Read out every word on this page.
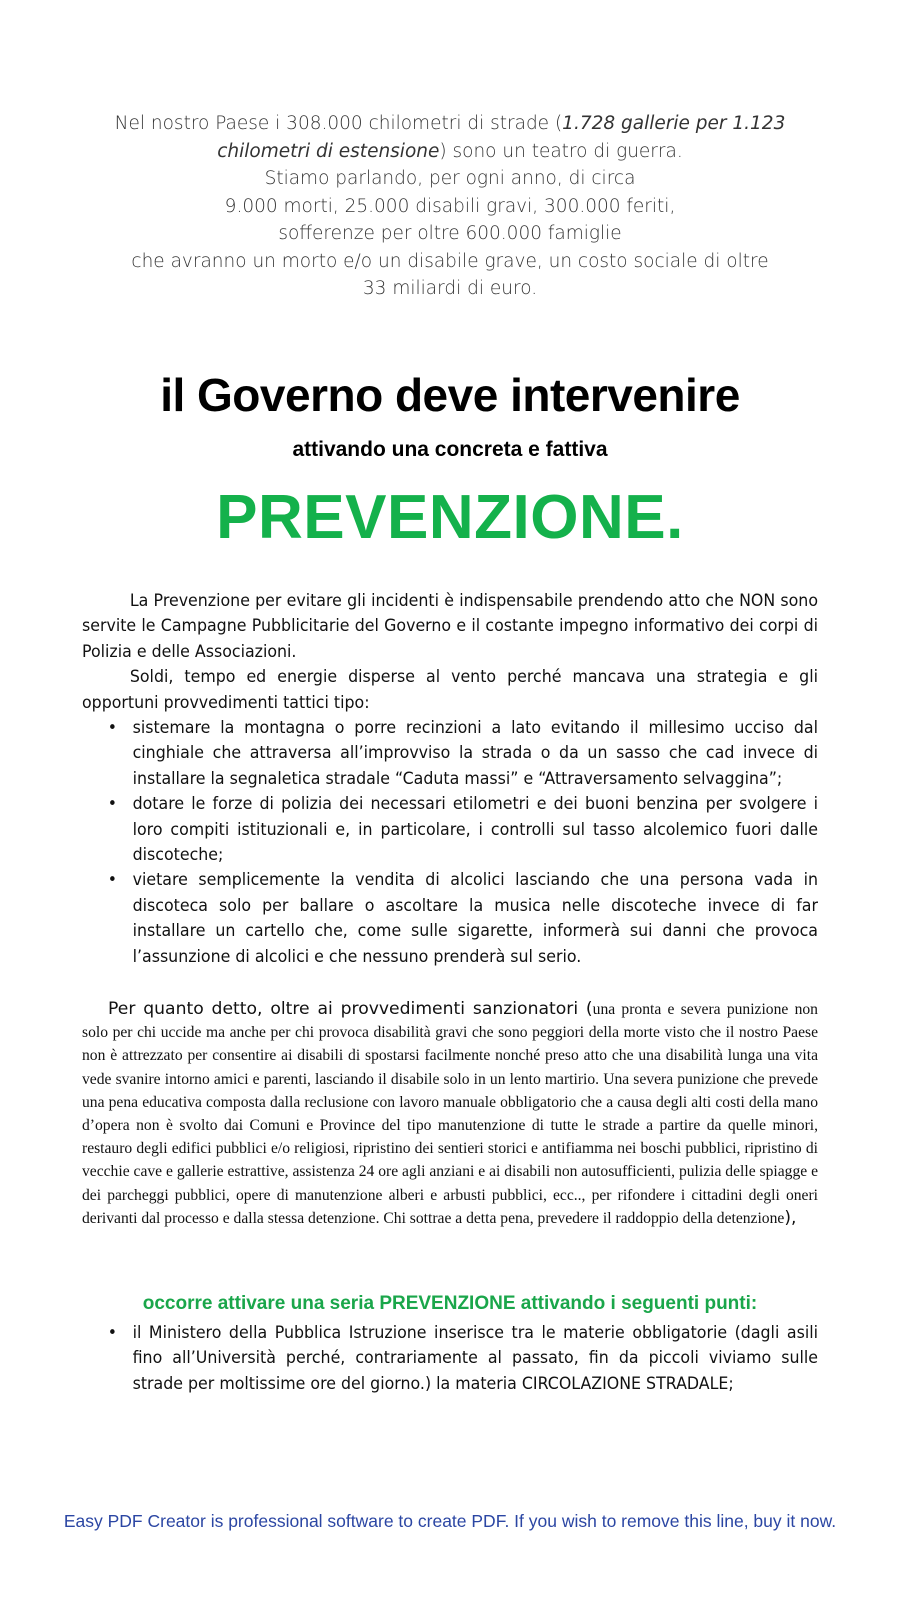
Nel nostro Paese i 308.000 chilometri di strade (1.728 gallerie per 1.123
chilometri di estensione) sono un teatro di guerra.
Stiamo parlando, per ogni anno, di circa
9.000 morti, 25.000 disabili gravi, 300.000 feriti,
sofferenze per oltre 600.000 famiglie
che avranno un morto e/o un disabile grave, un costo sociale di oltre
33 miliardi di euro.
il Governo deve intervenire
attivando una concreta e fattiva
PREVENZIONE.

La Prevenzione per evitare gli incidenti è indispensabile prendendo atto che NON sono servite le Campagne Pubblicitarie del Governo e il costante impegno informativo dei corpi di Polizia e delle Associazioni.

Soldi, tempo ed energie disperse al vento perché mancava una strategia e gli opportuni provvedimenti tattici tipo:

• sistemare la montagna o porre recinzioni a lato evitando il millesimo ucciso dal cinghiale che attraversa all’improvviso la strada o da un sasso che cad invece di installare la segnaletica stradale “Caduta massi” e “Attraversamento selvaggina”;
• dotare le forze di polizia dei necessari etilometri e dei buoni benzina per svolgere i loro compiti istituzionali e, in particolare, i controlli sul tasso alcolemico fuori dalle discoteche;
• vietare semplicemente la vendita di alcolici lasciando che una persona vada in discoteca solo per ballare o ascoltare la musica nelle discoteche invece di far installare un cartello che, come sulle sigarette, informerà sui danni che provoca l’assunzione di alcolici e che nessuno prenderà sul serio.
Per quanto detto, oltre ai provvedimenti sanzionatori (una pronta e severa punizione non solo per chi uccide ma anche per chi provoca disabilità gravi che sono peggiori della morte visto che il nostro Paese non è attrezzato per consentire ai disabili di spostarsi facilmente nonché preso atto che una disabilità lunga una vita vede svanire intorno amici e parenti, lasciando il disabile solo in un lento martirio. Una severa punizione che prevede una pena educativa composta dalla reclusione con lavoro manuale obbligatorio che a causa degli alti costi della mano d’opera non è svolto dai Comuni e Province del tipo manutenzione di tutte le strade a partire da quelle minori, restauro degli edifici pubblici e/o religiosi, ripristino dei sentieri storici e antifiamma nei boschi pubblici, ripristino di vecchie cave e gallerie estrattive, assistenza 24 ore agli anziani e ai disabili non autosufficienti, pulizia delle spiagge e dei parcheggi pubblici, opere di manutenzione alberi e arbusti pubblici, ecc.., per rifondere i cittadini degli oneri derivanti dal processo e dalla stessa detenzione. Chi sottrae a detta pena, prevedere il raddoppio della detenzione),
occorre attivare una seria PREVENZIONE attivando i seguenti punti:
• il Ministero della Pubblica Istruzione inserisce tra le materie obbligatorie (dagli asili fino all’Università perché, contrariamente al passato, fin da piccoli viviamo sulle strade per moltissime ore del giorno.) la materia CIRCOLAZIONE STRADALE;
Easy PDF Creator is professional software to create PDF. If you wish to remove this line, buy it now.
